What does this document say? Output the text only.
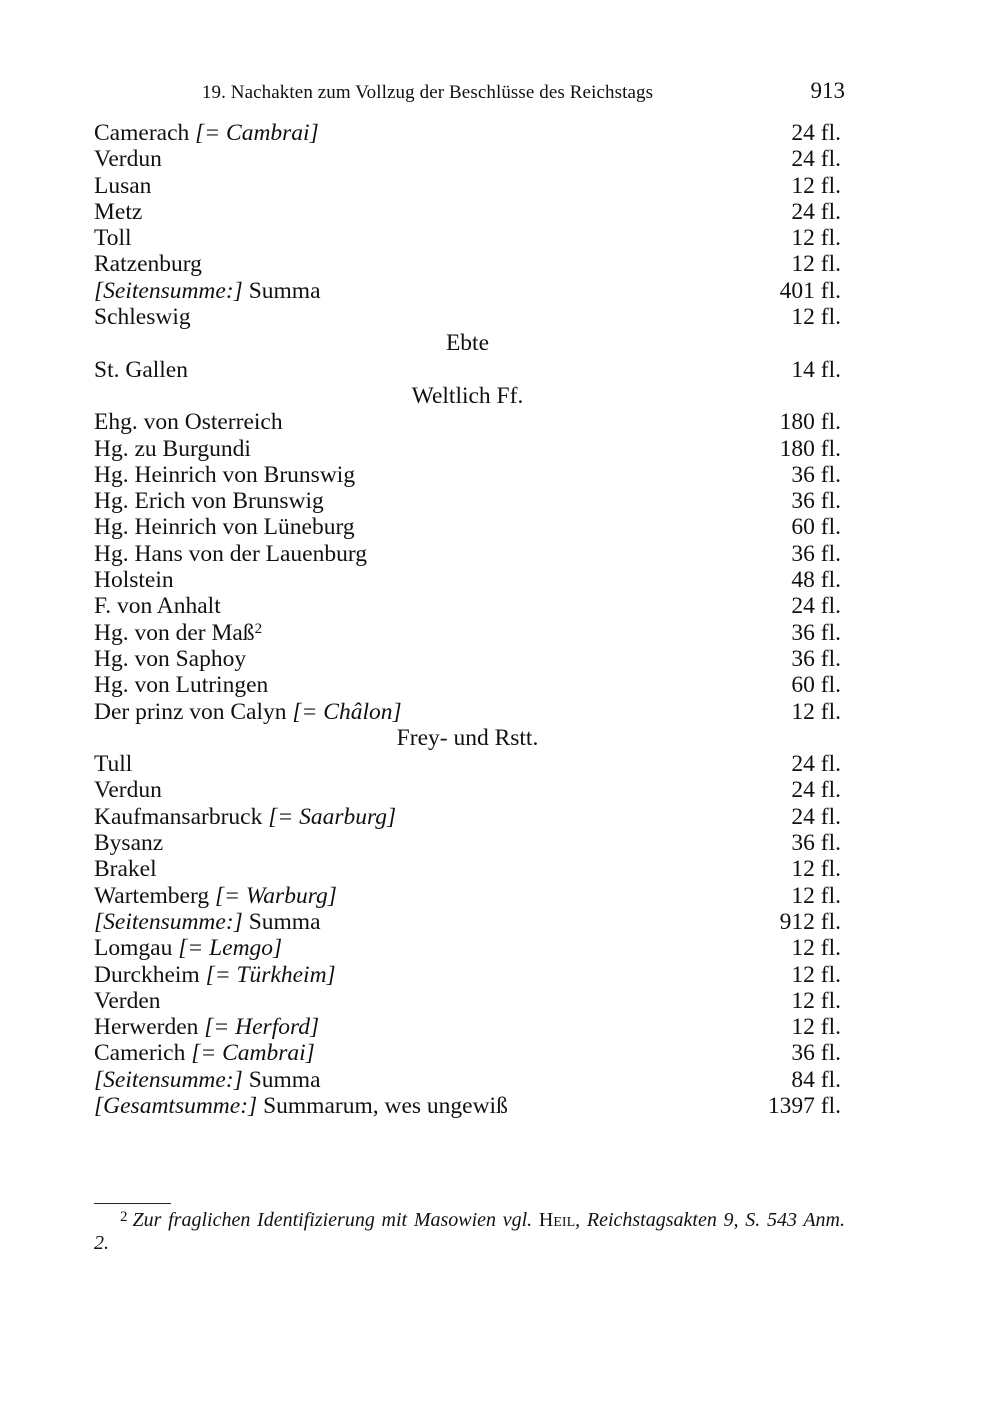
19. Nachakten zum Vollzug der Beschlüsse des Reichstags	913
Camerach [= Cambrai]	24 fl.
Verdun	24 fl.
Lusan	12 fl.
Metz	24 fl.
Toll	12 fl.
Ratzenburg	12 fl.
[Seitensumme:] Summa	401 fl.
Schleswig	12 fl.
Ebte
St. Gallen	14 fl.
Weltlich Ff.
Ehg. von Osterreich	180 fl.
Hg. zu Burgundi	180 fl.
Hg. Heinrich von Brunswig	36 fl.
Hg. Erich von Brunswig	36 fl.
Hg. Heinrich von Lüneburg	60 fl.
Hg. Hans von der Lauenburg	36 fl.
Holstein	48 fl.
F. von Anhalt	24 fl.
Hg. von der Maß$^2$	36 fl.
Hg. von Saphoy	36 fl.
Hg. von Lutringen	60 fl.
Der prinz von Calyn [= Châlon]	12 fl.
Frey- und Rstt.
Tull	24 fl.
Verdun	24 fl.
Kaufmansarbruck [= Saarburg]	24 fl.
Bysanz	36 fl.
Brakel	12 fl.
Wartemberg [= Warburg]	12 fl.
[Seitensumme:] Summa	912 fl.
Lomgau [= Lemgo]	12 fl.
Durckheim [= Türkheim]	12 fl.
Verden	12 fl.
Herwerden [= Herford]	12 fl.
Camerich [= Cambrai]	36 fl.
[Seitensumme:] Summa	84 fl.
[Gesamtsumme:] Summarum, wes ungewiß	1397 fl.
$^2$ Zur fraglichen Identifizierung mit Masowien vgl. Heil, Reichstagsakten 9, S. 543 Anm. 2.
